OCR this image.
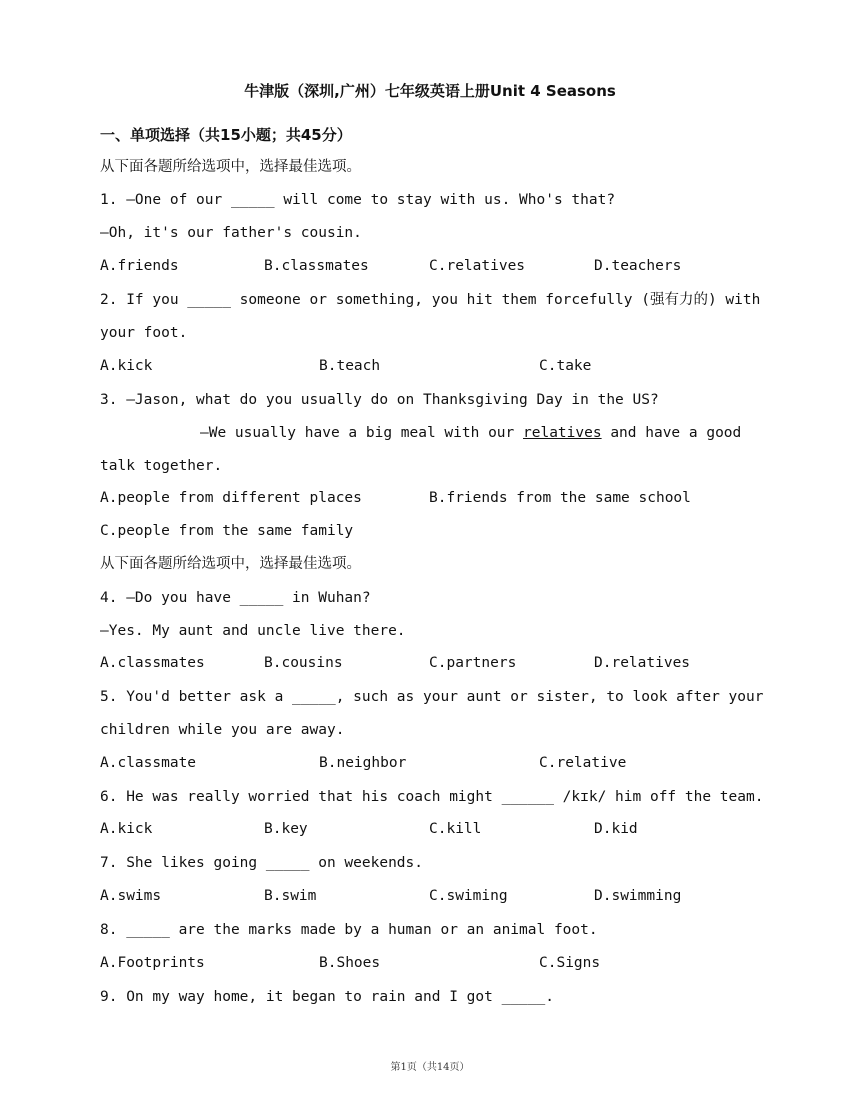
牛津版（深圳,广州）七年级英语上册Unit 4 Seasons
一、单项选择（共15小题；共45分）
从下面各题所给选项中，选择最佳选项。
1. —One of our _____ will come to stay with us. Who's that?
—Oh, it's our father's cousin.
A.friends	B.classmates	C.relatives	D.teachers
2. If you _____ someone or something, you hit them forcefully (强有力的) with
your foot.
A.kick	B.teach	C.take
3. —Jason, what do you usually do on Thanksgiving Day in the US?
—We usually have a big meal with our relatives and have a good
talk together.
A.people from different places	B.friends from the same school
C.people from the same family
从下面各题所给选项中，选择最佳选项。
4. —Do you have _____ in Wuhan?
—Yes. My aunt and uncle live there.
A.classmates	B.cousins	C.partners	D.relatives
5. You'd better ask a _____, such as your aunt or sister, to look after your
children while you are away.
A.classmate	B.neighbor	C.relative
6. He was really worried that his coach might ______ /kɪk/ him off the team.
A.kick	B.key	C.kill	D.kid
7. She likes going _____ on weekends.
A.swims	B.swim	C.swiming	D.swimming
8. _____ are the marks made by a human or an animal foot.
A.Footprints	B.Shoes	C.Signs
9. On my way home, it began to rain and I got _____.
第1页（共14页）
